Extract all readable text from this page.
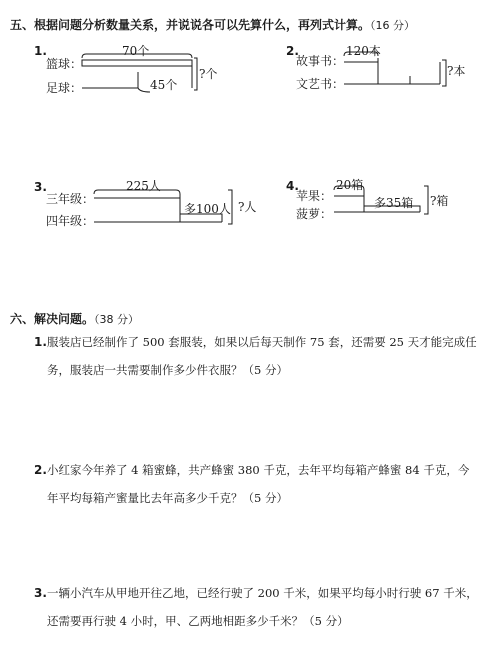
五、根据问题分析数量关系，并说说各可以先算什么，再列式计算。（16 分）
1.
篮球：
足球：
70个
45个
?个
2.
故事书：
文艺书：
120本
?本
3.
三年级：
四年级：
225人
多100人 ?人
4.
苹果：
菠萝：
20箱
多35箱 ?箱
六、解决问题。（38 分）
1. 服装店已经制作了 500 套服装，如果以后每天制作 75 套，还需要 25 天才能完成任务，服装店一共需要制作多少件衣服？（5 分）
2. 小红家今年养了 4 箱蜜蜂，共产蜂蜜 380 千克，去年平均每箱产蜂蜜 84 千克，今年平均每箱产蜜量比去年高多少千克？（5 分）
3. 一辆小汽车从甲地开往乙地，已经行驶了 200 千米，如果平均每小时行驶 67 千米，还需要再行驶 4 小时，甲、乙两地相距多少千米？（5 分）
